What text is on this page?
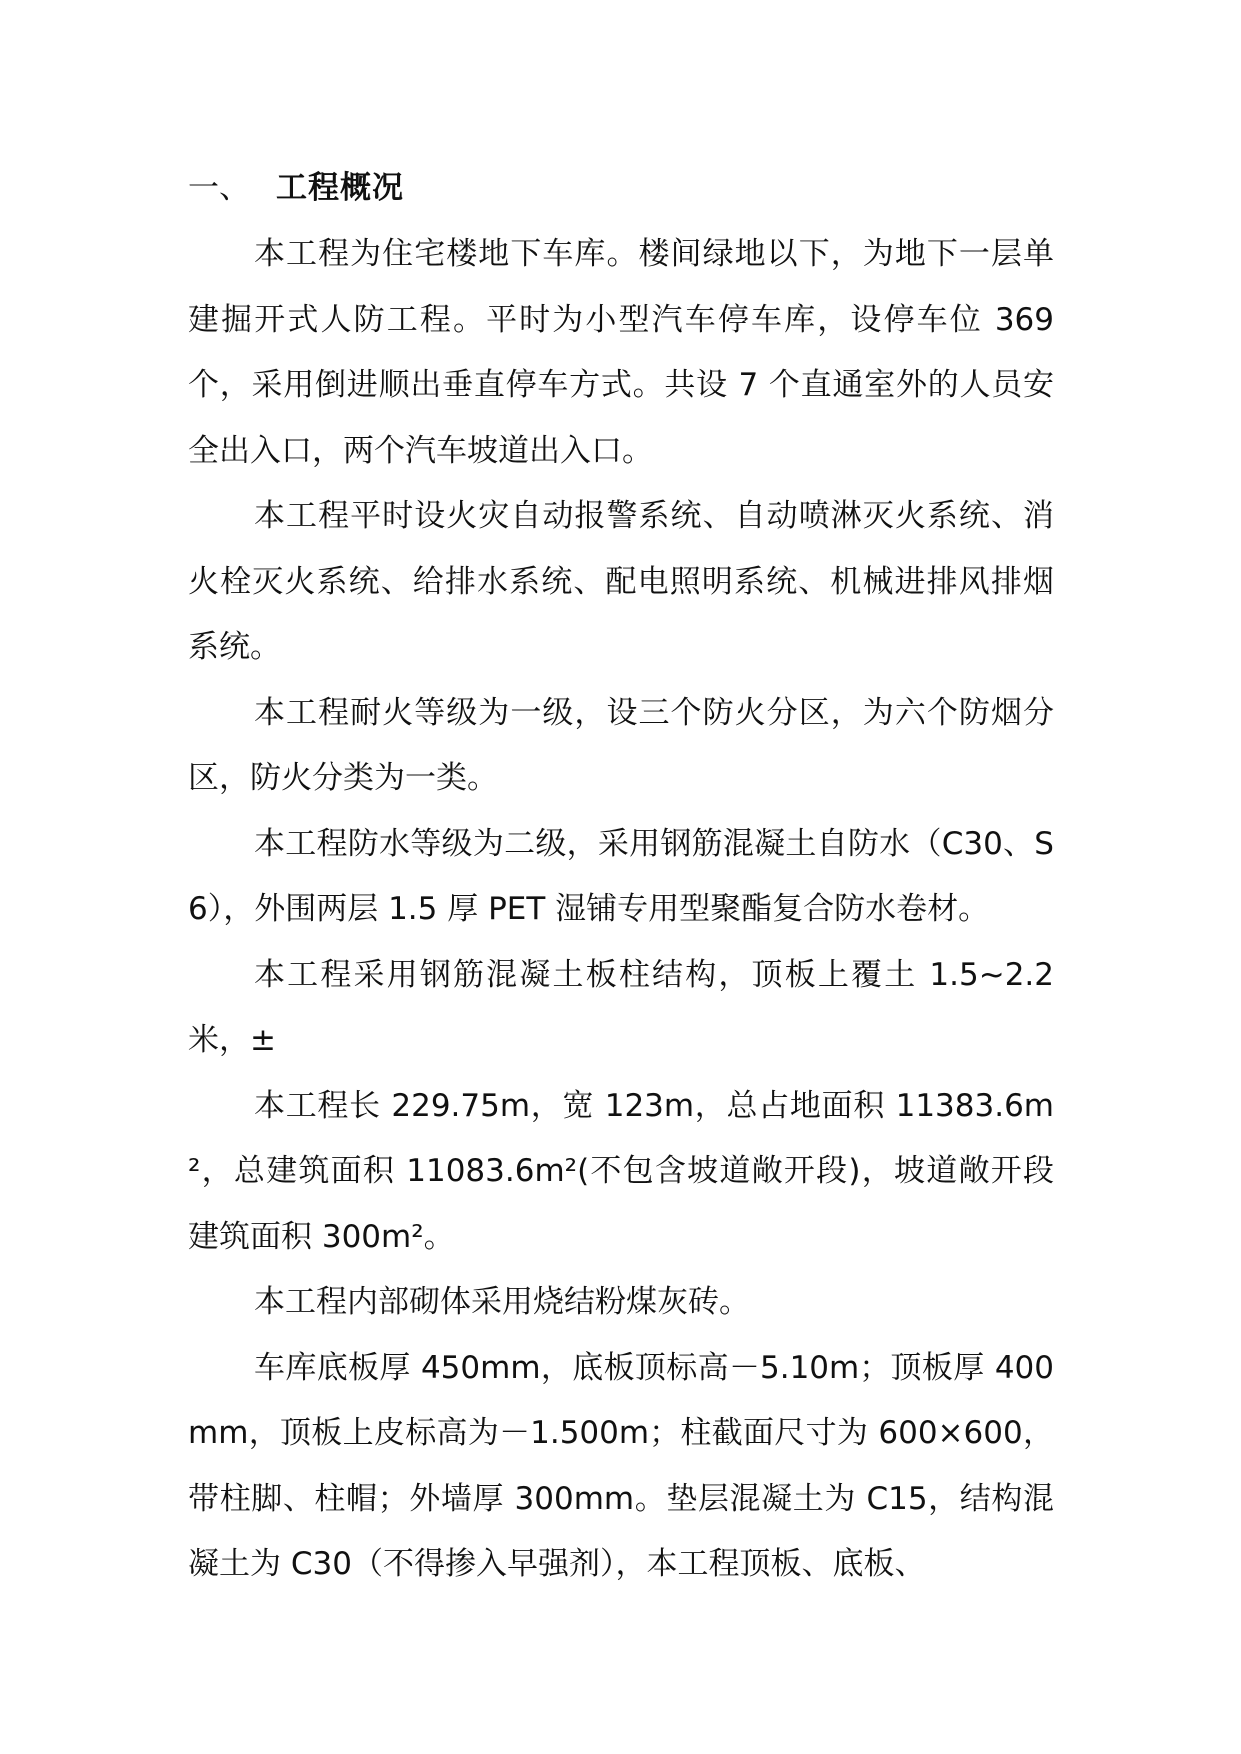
一、 工程概况

本工程为住宅楼地下车库。楼间绿地以下，为地下一层单建掘开式人防工程。平时为小型汽车停车库，设停车位 369 个，采用倒进顺出垂直停车方式。共设 7 个直通室外的人员安全出入口，两个汽车坡道出入口。

本工程平时设火灾自动报警系统、自动喷淋灭火系统、消火栓灭火系统、给排水系统、配电照明系统、机械进排风排烟系统。

本工程耐火等级为一级，设三个防火分区，为六个防烟分区，防火分类为一类。

本工程防水等级为二级，采用钢筋混凝土自防水（C30、S6），外围两层 1.5 厚 PET 湿铺专用型聚酯复合防水卷材。

本工程采用钢筋混凝土板柱结构，顶板上覆土 1.5~2.2 米，±

本工程长 229.75m，宽 123m，总占地面积 11383.6m²，总建筑面积 11083.6m²(不包含坡道敞开段)，坡道敞开段建筑面积 300m²。

本工程内部砌体采用烧结粉煤灰砖。

车库底板厚 450mm，底板顶标高－5.10m；顶板厚 400mm，顶板上皮标高为－1.500m；柱截面尺寸为 600×600，带柱脚、柱帽；外墙厚 300mm。垫层混凝土为 C15，结构混凝土为 C30（不得掺入早强剂），本工程顶板、底板、
